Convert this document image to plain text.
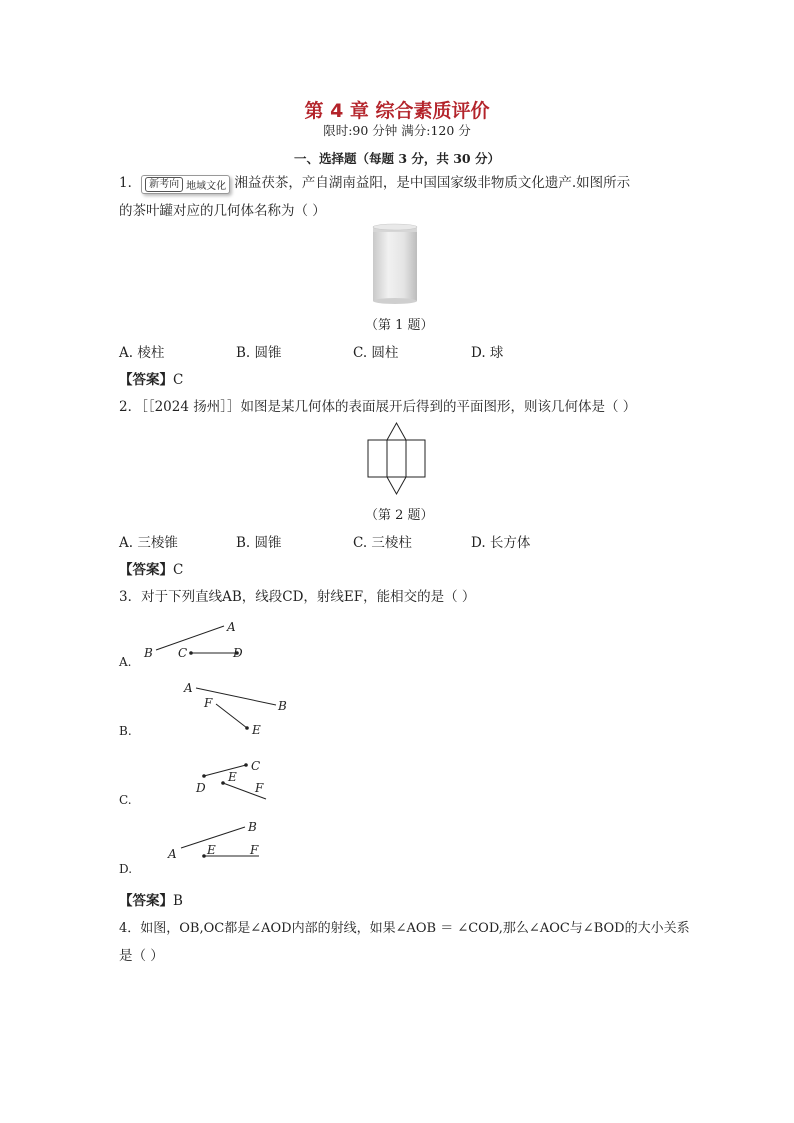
第 4 章 综合素质评价
限时:90 分钟 满分:120 分
一、选择题（每题 3 分，共 30 分）
1． 新考向 地域文化 湘益茯茶，产自湖南益阳，是中国国家级非物质文化遗产.如图所示
的茶叶罐对应的几何体名称为（ ）
（第 1 题）
A. 棱柱	B. 圆锥	C. 圆柱	D. 球
【答案】C
2．［［2024 扬州］］如图是某几何体的表面展开后得到的平面图形，则该几何体是（ ）
（第 2 题）
A. 三棱锥	B. 圆锥	C. 三棱柱	D. 长方体
【答案】C
3．对于下列直线AB，线段CD，射线EF，能相交的是（ ）
A
B C	D
A.
A
B
F
E
B.
C
D
E
F
C.
B
A	E	F
D.
【答案】B
4．如图，OB,OC都是∠AOD内部的射线，如果∠AOB ＝ ∠COD,那么∠AOC与∠BOD的大小关系
是（ ）
